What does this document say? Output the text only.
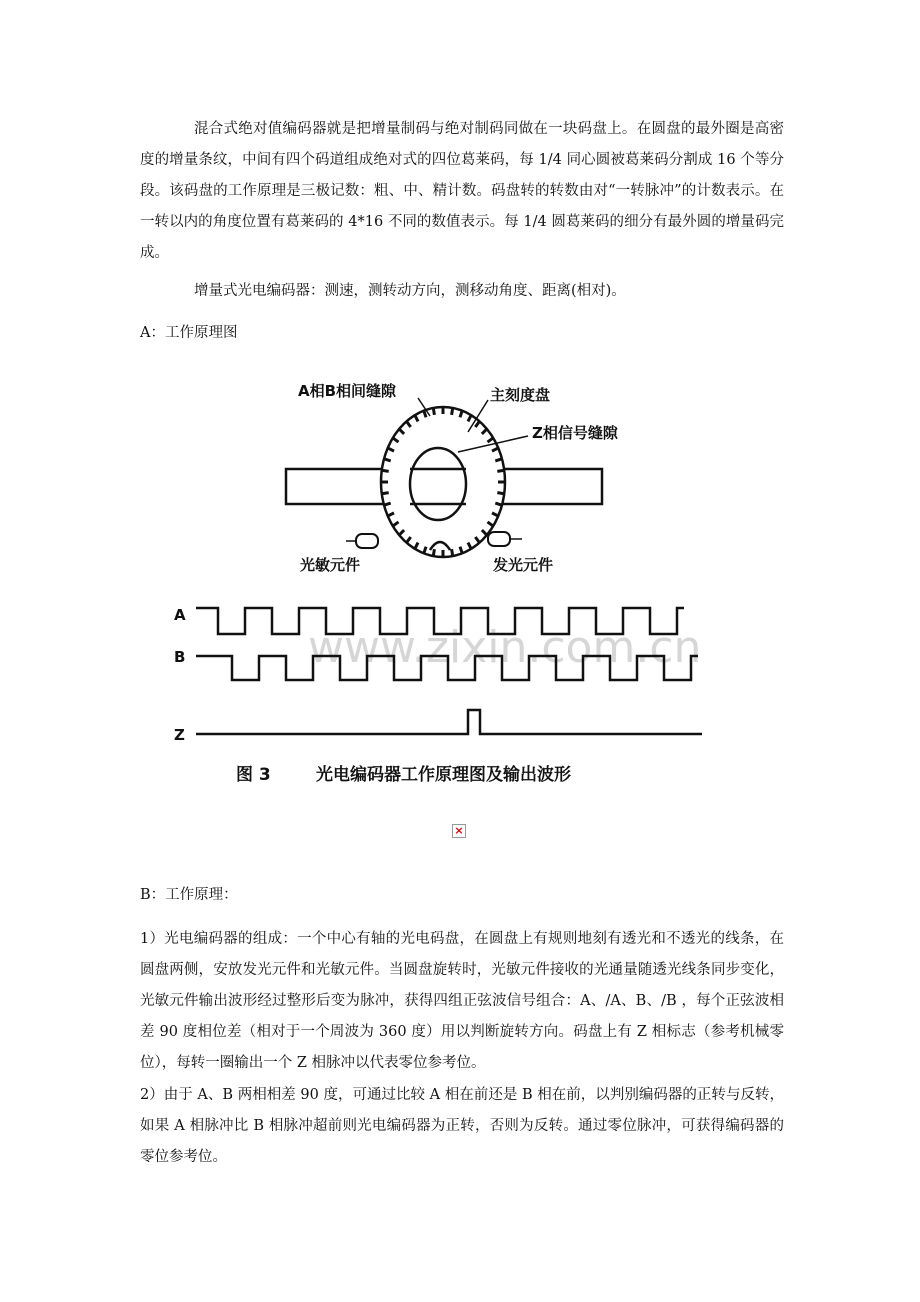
混合式绝对值编码器就是把增量制码与绝对制码同做在一块码盘上。在圆盘的最外圈是高密度的增量条纹，中间有四个码道组成绝对式的四位葛莱码，每 1/4 同心圆被葛莱码分割成 16 个等分段。该码盘的工作原理是三极记数：粗、中、精计数。码盘转的转数由对“一转脉冲”的计数表示。在一转以内的角度位置有葛莱码的 4*16 不同的数值表示。每 1/4 圆葛莱码的细分有最外圆的增量码完成。

增量式光电编码器：测速，测转动方向，测移动角度、距离(相对)。

A：工作原理图

A相B相间缝隙	主刻度盘
Z相信号缝隙
光敏元件	发光元件
www.zixin.com.cn
A
B
Z
图 3	光电编码器工作原理图及输出波形
×

B：工作原理：

1）光电编码器的组成：一个中心有轴的光电码盘，在圆盘上有规则地刻有透光和不透光的线条，在圆盘两侧，安放发光元件和光敏元件。当圆盘旋转时，光敏元件接收的光通量随透光线条同步变化，光敏元件输出波形经过整形后变为脉冲，获得四组正弦波信号组合：A、/A、B、/B ，每个正弦波相差 90 度相位差（相对于一个周波为 360 度）用以判断旋转方向。码盘上有 Z 相标志（参考机械零位），每转一圈输出一个 Z 相脉冲以代表零位参考位。

2）由于 A、B 两相相差 90 度，可通过比较 A 相在前还是 B 相在前，以判别编码器的正转与反转，如果 A 相脉冲比 B 相脉冲超前则光电编码器为正转，否则为反转。通过零位脉冲，可获得编码器的零位参考位。
